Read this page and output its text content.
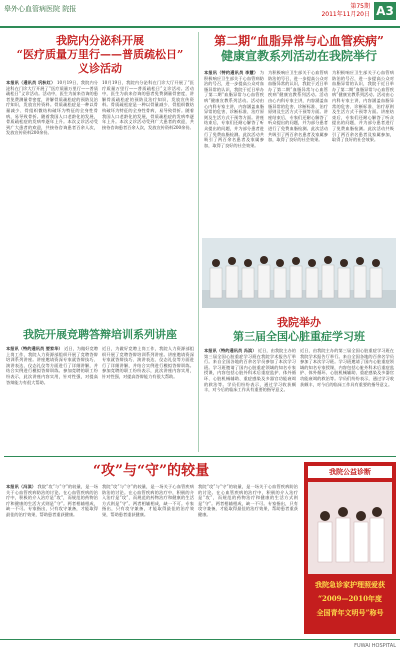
皋外心血管病医院 院报	第75期
2011年11月20日 A3
我院内分泌科开展
“医疗质量万里行——普质疏松日”
义诊活动
本报讯（通讯员 巩秋红） 10月19日，我院内分泌科在门诊大厅开展了“医疗质量万里行——普质疏松日”义诊活动。活动中，医生为前来咨询的患者免费测量骨密度，讲解骨质疏松症的预防及治疗知识，发放宣传资料。骨质疏松症是一种以骨量减少、骨组织微结构破坏为特征的全身性骨病，易导致骨折。随着我国人口老龄化的发展，骨质疏松症的发病率逐年上升。本次义诊活动受到广大患者的欢迎，共接待咨询患者百余人次，发放宣传资料200余份。
10月19日，我院内分泌科在门诊大厅开展了“医疗质量万里行——普质疏松日”义诊活动。活动中，医生为前来咨询的患者免费测量骨密度，讲解骨质疏松症的预防及治疗知识，发放宣传资料。骨质疏松症是一种以骨量减少、骨组织微结构破坏为特征的全身性骨病，易导致骨折。随着我国人口老龄化的发展，骨质疏松症的发病率逐年上升。本次义诊活动受到广大患者的欢迎，共接待咨询患者百余人次，发放宣传资料200余份。
第二期“血脂异常与心血管疾病”
健康宣教系列活动在我院举行
本报讯（特约通讯员 李慧） 为积极响应卫生部关于心血管病防治的号召，进一步提高公众对血脂异常的认识，我院于近日举办了第二期“血脂异常与心血管疾病”健康宣教系列活动。活动由心内科专家主讲，内容涵盖血脂异常的危害、诊断标准、治疗原则及生活方式干预等方面。讲座结束后，专家们还耐心解答了听众提出的问题，并为部分患者进行了免费血脂检测。此次活动共吸引了两百余名患者及家属参加，取得了良好的社会效果。
为积极响应卫生部关于心血管病防治的号召，进一步提高公众对血脂异常的认识，我院于近日举办了第二期“血脂异常与心血管疾病”健康宣教系列活动。活动由心内科专家主讲，内容涵盖血脂异常的危害、诊断标准、治疗原则及生活方式干预等方面。讲座结束后，专家们还耐心解答了听众提出的问题，并为部分患者进行了免费血脂检测。此次活动共吸引了两百余名患者及家属参加，取得了良好的社会效果。
为积极响应卫生部关于心血管病防治的号召，进一步提高公众对血脂异常的认识，我院于近日举办了第二期“血脂异常与心血管疾病”健康宣教系列活动。活动由心内科专家主讲，内容涵盖血脂异常的危害、诊断标准、治疗原则及生活方式干预等方面。讲座结束后，专家们还耐心解答了听众提出的问题，并为部分患者进行了免费血脂检测。此次活动共吸引了两百余名患者及家属参加，取得了良好的社会效果。
我院举办
第三届全国心脏重症学习班
本报讯（特约通讯员 冯滨） 近日，由我院主办的第三届全国心脏重症学习班在我院学术报告厅举行。来自全国各地的百余名学员参加了本次学习班。学习班邀请了国内心脏重症领域的知名专家授课，内容包括心脏外科术后重症监护、体外循环、心脏机械辅助、重症感染及多器官功能衰竭的救治等。学员们纷纷表示，通过学习收获颇丰，对今后的临床工作具有重要的指导意义。
近日，由我院主办的第三届全国心脏重症学习班在我院学术报告厅举行。来自全国各地的百余名学员参加了本次学习班。学习班邀请了国内心脏重症领域的知名专家授课，内容包括心脏外科术后重症监护、体外循环、心脏机械辅助、重症感染及多器官功能衰竭的救治等。学员们纷纷表示，通过学习收获颇丰，对今后的临床工作具有重要的指导意义。
我院开展竞聘答辩培训系列讲座
本报讯（特约通讯员 要家华） 近日，为做好竞聘上岗工作，我院人力资源部组织开展了竞聘答辩培训系列讲座。讲座邀请资深专家就答辩技巧、演讲表达、仪态礼仪等方面进行了详细讲解，并结合实例进行模拟答辩训练。参加竞聘的职工纷纷表示，此次讲座内容实用，针对性强，对提高答辩能力有很大帮助。
近日，为做好竞聘上岗工作，我院人力资源部组织开展了竞聘答辩培训系列讲座。讲座邀请资深专家就答辩技巧、演讲表达、仪态礼仪等方面进行了详细讲解，并结合实例进行模拟答辩训练。参加竞聘的职工纷纷表示，此次讲座内容实用，针对性强，对提高答辩能力有很大帮助。
“攻”与“守”的较量
本报讯（冯滨） 我院“攻”与“守”的较量，是一场关于心血管疾病防治的讨论。在心血管疾病的治疗中，积极的介入治疗是“攻”，而规范的药物治疗和健康的生活方式则是“守”。两者相辅相成，缺一不可。专家指出，只有攻守兼备，才能取得最佳的治疗效果，帮助患者重获健康。
我院“攻”与“守”的较量，是一场关于心血管疾病防治的讨论。在心血管疾病的治疗中，积极的介入治疗是“攻”，而规范的药物治疗和健康的生活方式则是“守”。两者相辅相成，缺一不可。专家指出，只有攻守兼备，才能取得最佳的治疗效果，帮助患者重获健康。
我院“攻”与“守”的较量，是一场关于心血管疾病防治的讨论。在心血管疾病的治疗中，积极的介入治疗是“攻”，而规范的药物治疗和健康的生活方式则是“守”。两者相辅相成，缺一不可。专家指出，只有攻守兼备，才能取得最佳的治疗效果，帮助患者重获健康。
我院公益诊断
我院急诊家护理照爱获
“2009—2010年度
全国青年文明号”称号
FUWAI HOSPITAL
